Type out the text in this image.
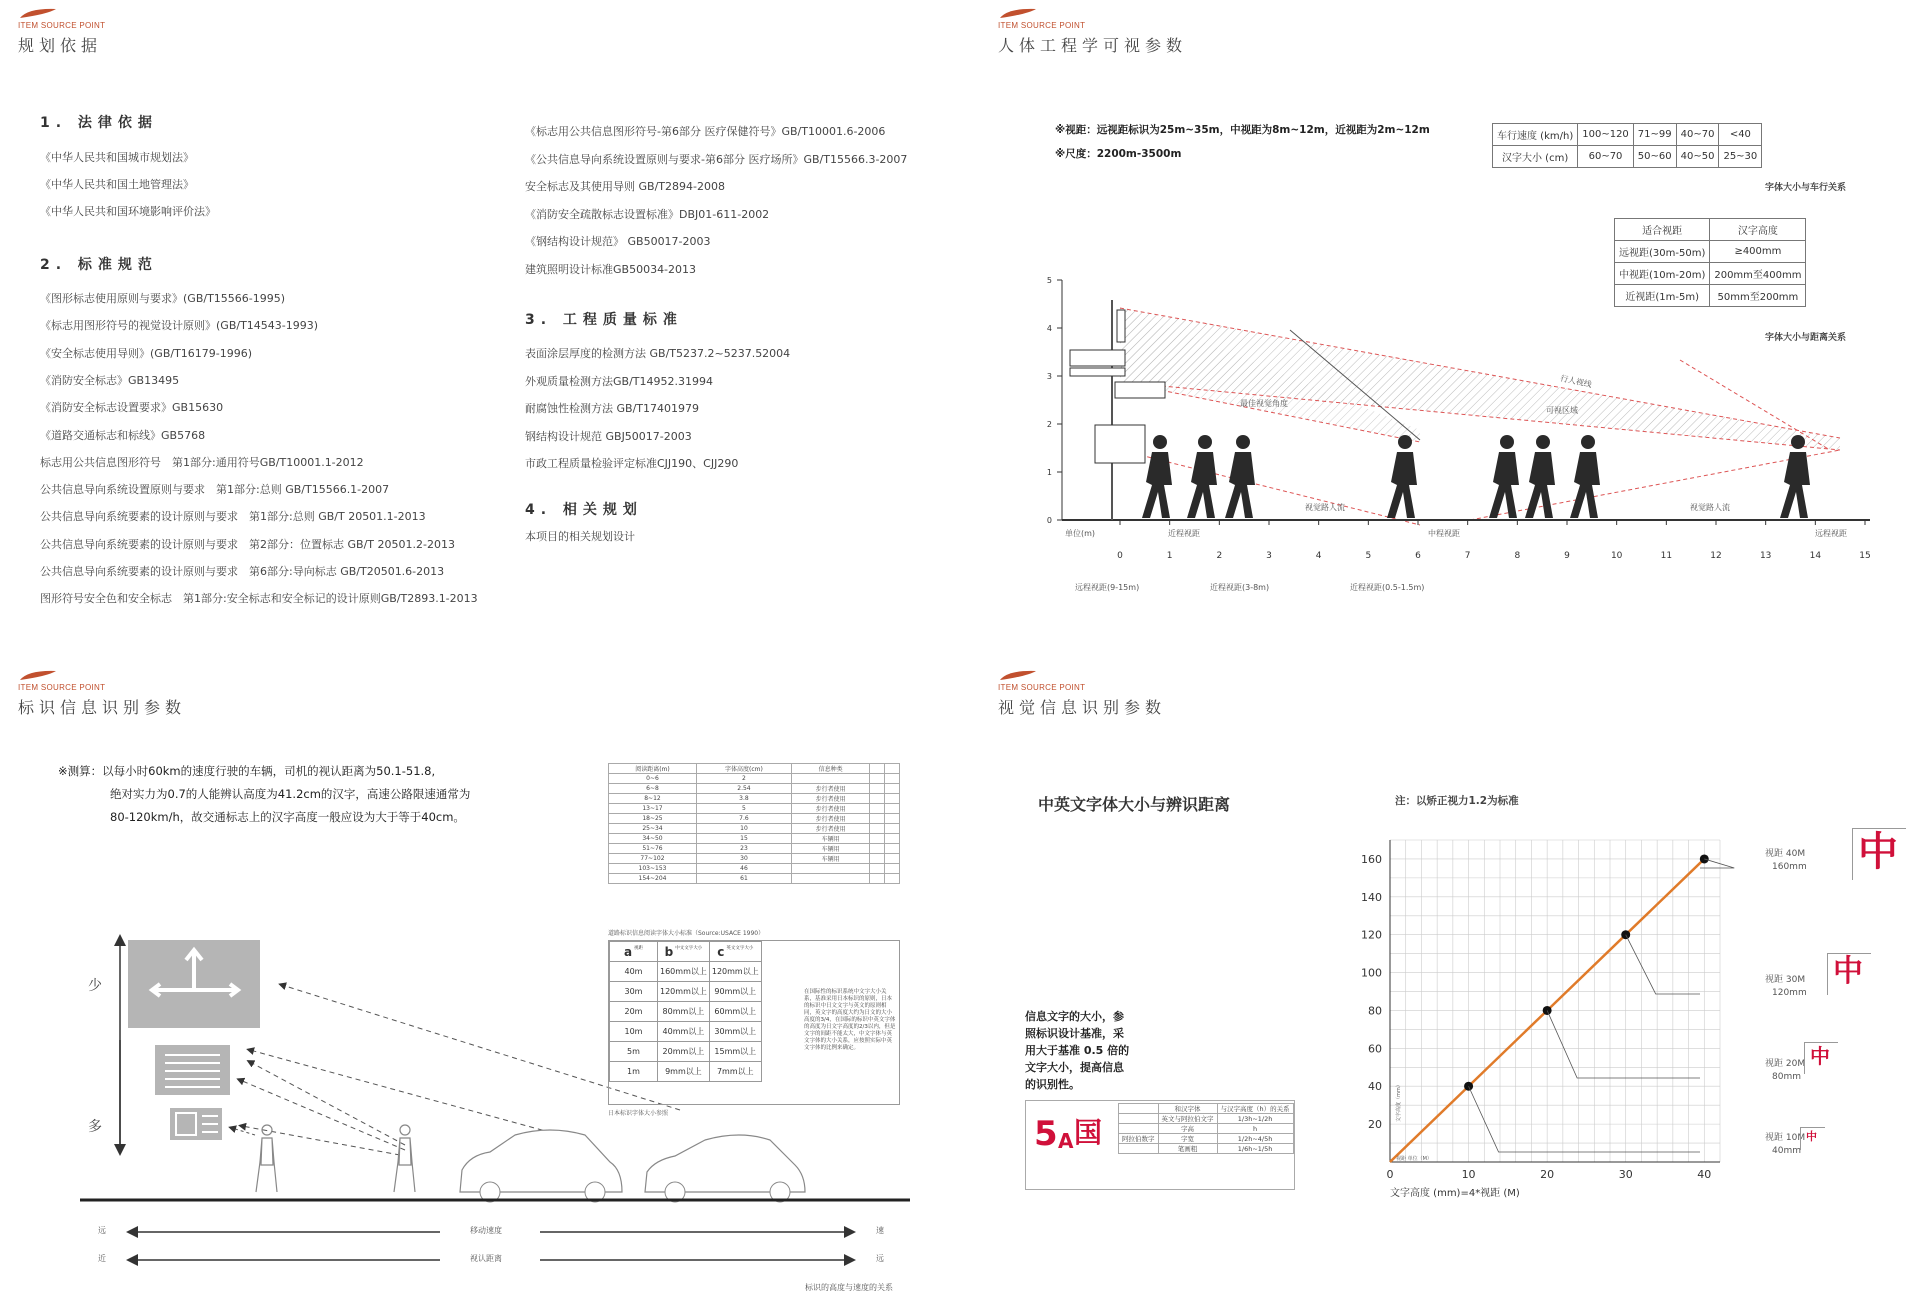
ITEM SOURCE POINT
规划依据
1. 法律依据
《中华人民共和国城市规划法》
《中华人民共和国土地管理法》
《中华人民共和国环境影响评价法》
2. 标准规范
《图形标志使用原则与要求》(GB/T15566-1995)
《标志用图形符号的视觉设计原则》(GB/T14543-1993)
《安全标志使用导则》(GB/T16179-1996)
《消防安全标志》GB13495
《消防安全标志设置要求》GB15630
《道路交通标志和标线》GB5768
标志用公共信息图形符号　第1部分:通用符号GB/T10001.1-2012
公共信息导向系统设置原则与要求　第1部分:总则 GB/T15566.1-2007
公共信息导向系统要素的设计原则与要求　第1部分:总则 GB/T 20501.1-2013
公共信息导向系统要素的设计原则与要求　第2部分：位置标志 GB/T 20501.2-2013
公共信息导向系统要素的设计原则与要求　第6部分:导向标志 GB/T20501.6-2013
图形符号安全色和安全标志　第1部分:安全标志和安全标记的设计原则GB/T2893.1-2013
《标志用公共信息图形符号-第6部分 医疗保健符号》GB/T10001.6-2006
《公共信息导向系统设置原则与要求-第6部分 医疗场所》GB/T15566.3-2007
安全标志及其使用导则 GB/T2894-2008
《消防安全疏散标志设置标准》DBJ01-611-2002
《钢结构设计规范》 GB50017-2003
建筑照明设计标准GB50034-2013
3. 工程质量标准
表面涂层厚度的检测方法 GB/T5237.2~5237.52004
外观质量检测方法GB/T14952.31994
耐腐蚀性检测方法 GB/T17401979
钢结构设计规范 GBJ50017-2003
市政工程质量检验评定标准CJJ190、CJJ290
4. 相关规划
本项目的相关规划设计
ITEM SOURCE POINT
人体工程学可视参数
※视距：远视距标识为25m~35m，中视距为8m~12m，近视距为2m~12m
※尺度：2200m-3500m
车行速度 (km/h)	100~120	71~99	40~70	<40
汉字大小 (cm)	60~70	50~60	40~50	25~30
字体大小与车行关系
适合视距	汉字高度
远视距(30m-50m)	≥400mm
中视距(10m-20m)	200mm至400mm
近视距(1m-5m)	50mm至200mm
字体大小与距离关系
0	1	2	3	4	5	6	7	8	9	10	11	12	13	14	15
5
4
3
2
1
0
单位(m)	近程视距	中程视距	远程视距
远程视距(9-15m)	近程视距(3-8m)	近程视距(0.5-1.5m)
最佳视觉角度
可视区域
行人视线
视觉路人流	视觉路人流
ITEM SOURCE POINT
标识信息识别参数
※测算：以每小时60km的速度行驶的车辆，司机的视认距离为50.1-51.8,
绝对实力为0.7的人能辨认高度为41.2cm的汉字，高速公路限速通常为
80-120km/h，故交通标志上的汉字高度一般应设为大于等于40cm。
少
多
远
近
移动速度
视认距离
速
远
标识的高度与速度的关系
阅读距离(m)	字体高度(cm)	信息种类		
0~6	2			
6~8	2.54	步行者使用		
8~12	3.8	步行者使用		
13~17	5	步行者使用		
18~25	7.6	步行者使用		
25~34	10	步行者使用		
34~50	15	车辆用		
51~76	23	车辆用		
77~102	30	车辆用		
103~153	46			
154~204	61			
道路标识信息阅读字体大小标准（Source:USACE 1990）
a $^{视距}$	b $^{中文文字大小}$	c $^{英文文字大小}$
40m	160mm以上	120mm以上
30m	120mm以上	90mm以上
20m	80mm以上	60mm以上
10m	40mm以上	30mm以上
5m	20mm以上	15mm以上
1m	9mm以上	7mm以上
在国际性的标识系统中文字大小关系，基准采用日本标识的原则，日本的标识中日文文字与英文的原则相同，英文字的高度大约为日文的大小高度的3/4，在国际的标识中英文字体的高度为日文字高度的2/3以内，但是文字的间距不能太大，中文字体与英文字体的大小关系，应按照实际中英文字体的比例来确定。
日本标识字体大小参照
ITEM SOURCE POINT
视觉信息识别参数
中英文字体大小与辨识距离	注：以矫正视力1.2为标准
信息文字的大小，参
照标识设计基准，采
用大于基准 0.5 倍的
文字大小，提高信息
的识别性。
5 A 国
	和汉字体	与汉字高度（h）的关系
	英文与阿拉伯文字	1/3h~1/2h
	字高	h
阿拉伯数字	字宽	1/2h~4/5h
	笔画粗	1/6h~1/5h
0	10	20	30	40
20
40
60
80
100
120
140
160
文字高度 (mm)=4*视距 (M)
视距 单位（M）
文字高度（mm）
视距 40M
160mm 中
视距 30M
120mm
中
视距 20M
80mm
中
视距 10M
40mm
中
